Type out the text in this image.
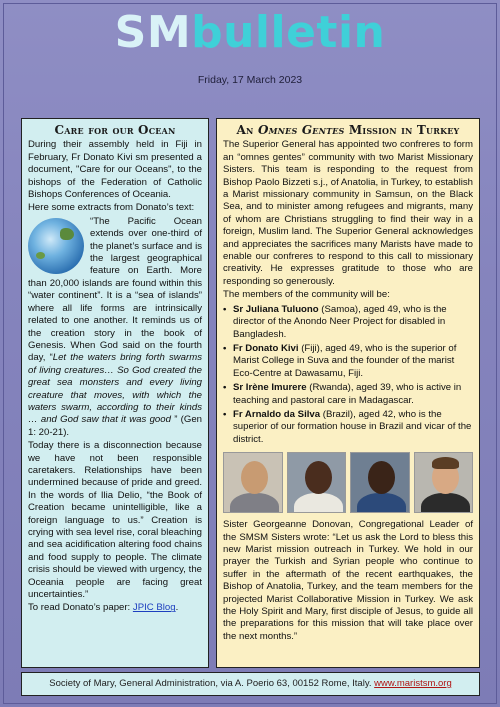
SMbulletin
Friday, 17 March 2023
Care for our Ocean

During their assembly held in Fiji in February, Fr Donato Kivi sm presented a document, "Care for our Oceans", to the bishops of the Federation of Catholic Bishops Conferences of Oceania.

Here some extracts from Donato’s text:

“The Pacific Ocean extends over one-third of the planet’s surface and is the largest geographical feature on Earth. More than 20,000 islands are found within this “water continent”. It is a “sea of islands” where all life forms are intrinsically related to one another. It reminds us of the creation story in the book of Genesis. When God said on the fourth day, “Let the waters bring forth swarms of living creatures… So God created the great sea monsters and every living creature that moves, with which the waters swarm, according to their kinds … and God saw that it was good ” (Gen 1: 20-21).

Today there is a disconnection because we have not been responsible caretakers. Relationships have been undermined because of pride and greed. In the words of Ilia Delio, “the Book of Creation became unintelligible, like a foreign language to us.” Creation is crying with sea level rise, coral bleaching and sea acidification altering food chains and food supply to people. The climate crisis should be viewed with urgency, the Oceania people are facing great uncertainties.”

To read Donato’s paper: JPIC Blog.

An Omnes Gentes Mission in Turkey

The Superior General has appointed two confreres to form an “omnes gentes” community with two Marist Missionary Sisters. This team is responding to the request from Bishop Paolo Bizzeti s.j., of Anatolia, in Turkey, to establish a Marist missionary community in Samsun, on the Black Sea, and to minister among refugees and migrants, many of whom are Christians struggling to find their way in a foreign, Muslim land. The Superior General acknowledges and appreciates the sacrifices many Marists have made to enable our confreres to respond to this call to missionary creativity. He expresses gratitude to those who are responding so generously.

The members of the community will be:

• Sr Juliana Tuluono (Samoa), aged 49, who is the director of the Anondo Neer Project for disabled in Bangladesh.
• Fr Donato Kivi (Fiji), aged 49, who is the superior of Marist College in Suva and the founder of the marist Eco-Centre at Dawasamu, Fiji.
• Sr Irène Imurere (Rwanda), aged 39, who is active in teaching and pastoral care in Madagascar.
• Fr Arnaldo da Silva (Brazil), aged 42, who is the superior of our formation house in Brazil and vicar of the district.

Sister Georgeanne Donovan, Congregational Leader of the SMSM Sisters wrote: “Let us ask the Lord to bless this new Marist mission outreach in Turkey. We hold in our prayer the Turkish and Syrian people who continue to suffer in the aftermath of the recent earthquakes, the Bishop of Anatolia, Turkey, and the team members for the projected Marist Collaborative Mission in Turkey. We ask the Holy Spirit and Mary, first disciple of Jesus, to guide all the preparations for this mission that will take place over the next months.”

Society of Mary, General Administration, via A. Poerio 63, 00152 Rome, Italy. www.maristsm.org
